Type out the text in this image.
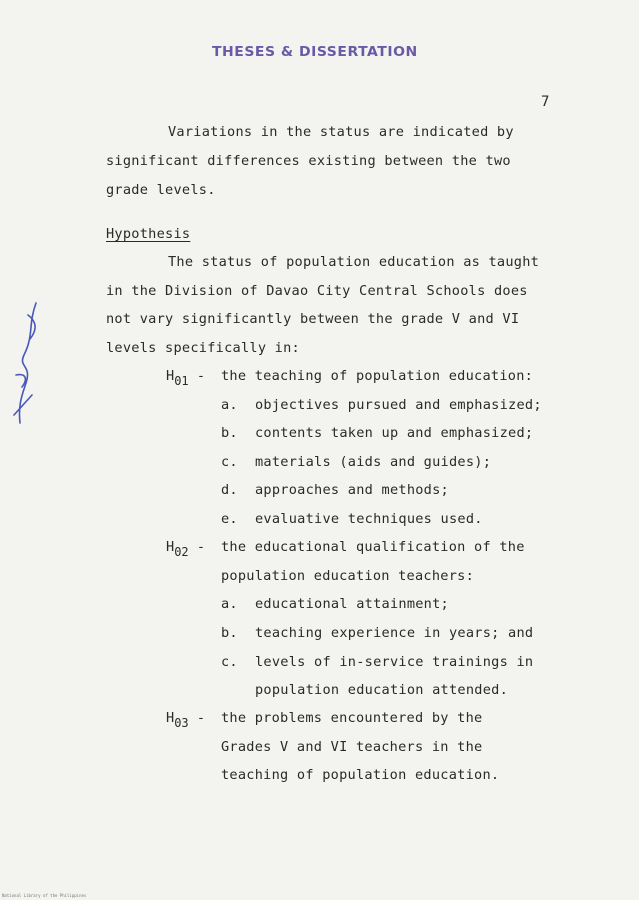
THESES & DISSERTATION
7
Variations in the status are indicated by
significant differences existing between the two
grade levels.
Hypothesis
The status of population education as taught
in the Division of Davao City Central Schools does
not vary significantly between the grade V and VI
levels specifically in:
H01 - the teaching of population education:
a. objectives pursued and emphasized;
b. contents taken up and emphasized;
c. materials (aids and guides);
d. approaches and methods;
e. evaluative techniques used.
H02 - the educational qualification of the
population education teachers:
a. educational attainment;
b. teaching experience in years; and
c. levels of in-service trainings in
population education attended.
H03 - the problems encountered by the
Grades V and VI teachers in the
teaching of population education.
National Library of the Philippines
